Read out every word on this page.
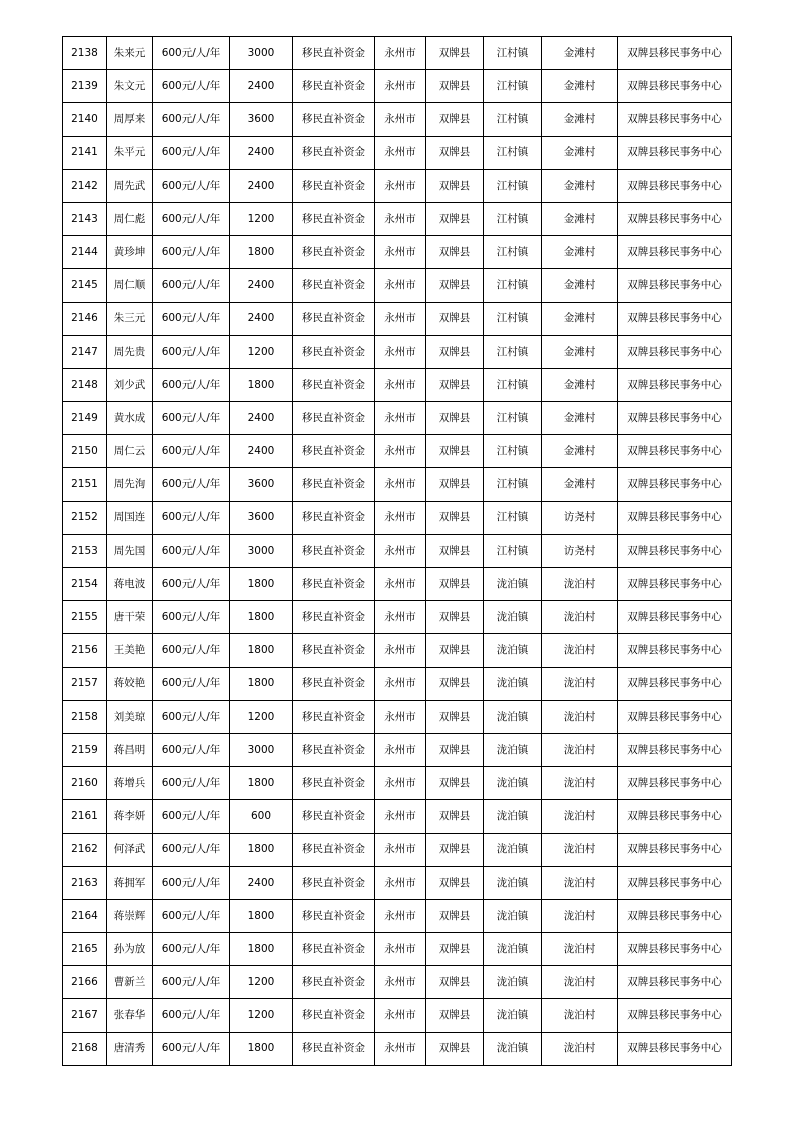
2138	朱来元	600元/人/年	3000	移民直补资金	永州市	双牌县	江村镇	金滩村	双牌县移民事务中心
2139	朱文元	600元/人/年	2400	移民直补资金	永州市	双牌县	江村镇	金滩村	双牌县移民事务中心
2140	周厚来	600元/人/年	3600	移民直补资金	永州市	双牌县	江村镇	金滩村	双牌县移民事务中心
2141	朱平元	600元/人/年	2400	移民直补资金	永州市	双牌县	江村镇	金滩村	双牌县移民事务中心
2142	周先武	600元/人/年	2400	移民直补资金	永州市	双牌县	江村镇	金滩村	双牌县移民事务中心
2143	周仁彪	600元/人/年	1200	移民直补资金	永州市	双牌县	江村镇	金滩村	双牌县移民事务中心
2144	黄珍坤	600元/人/年	1800	移民直补资金	永州市	双牌县	江村镇	金滩村	双牌县移民事务中心
2145	周仁顺	600元/人/年	2400	移民直补资金	永州市	双牌县	江村镇	金滩村	双牌县移民事务中心
2146	朱三元	600元/人/年	2400	移民直补资金	永州市	双牌县	江村镇	金滩村	双牌县移民事务中心
2147	周先贵	600元/人/年	1200	移民直补资金	永州市	双牌县	江村镇	金滩村	双牌县移民事务中心
2148	刘少武	600元/人/年	1800	移民直补资金	永州市	双牌县	江村镇	金滩村	双牌县移民事务中心
2149	黄水成	600元/人/年	2400	移民直补资金	永州市	双牌县	江村镇	金滩村	双牌县移民事务中心
2150	周仁云	600元/人/年	2400	移民直补资金	永州市	双牌县	江村镇	金滩村	双牌县移民事务中心
2151	周先洵	600元/人/年	3600	移民直补资金	永州市	双牌县	江村镇	金滩村	双牌县移民事务中心
2152	周国连	600元/人/年	3600	移民直补资金	永州市	双牌县	江村镇	访尧村	双牌县移民事务中心
2153	周先国	600元/人/年	3000	移民直补资金	永州市	双牌县	江村镇	访尧村	双牌县移民事务中心
2154	蒋电波	600元/人/年	1800	移民直补资金	永州市	双牌县	泷泊镇	泷泊村	双牌县移民事务中心
2155	唐干荣	600元/人/年	1800	移民直补资金	永州市	双牌县	泷泊镇	泷泊村	双牌县移民事务中心
2156	王美艳	600元/人/年	1800	移民直补资金	永州市	双牌县	泷泊镇	泷泊村	双牌县移民事务中心
2157	蒋姣艳	600元/人/年	1800	移民直补资金	永州市	双牌县	泷泊镇	泷泊村	双牌县移民事务中心
2158	刘美琼	600元/人/年	1200	移民直补资金	永州市	双牌县	泷泊镇	泷泊村	双牌县移民事务中心
2159	蒋昌明	600元/人/年	3000	移民直补资金	永州市	双牌县	泷泊镇	泷泊村	双牌县移民事务中心
2160	蒋增兵	600元/人/年	1800	移民直补资金	永州市	双牌县	泷泊镇	泷泊村	双牌县移民事务中心
2161	蒋李妍	600元/人/年	600	移民直补资金	永州市	双牌县	泷泊镇	泷泊村	双牌县移民事务中心
2162	何泽武	600元/人/年	1800	移民直补资金	永州市	双牌县	泷泊镇	泷泊村	双牌县移民事务中心
2163	蒋拥军	600元/人/年	2400	移民直补资金	永州市	双牌县	泷泊镇	泷泊村	双牌县移民事务中心
2164	蒋崇辉	600元/人/年	1800	移民直补资金	永州市	双牌县	泷泊镇	泷泊村	双牌县移民事务中心
2165	孙为放	600元/人/年	1800	移民直补资金	永州市	双牌县	泷泊镇	泷泊村	双牌县移民事务中心
2166	曹新兰	600元/人/年	1200	移民直补资金	永州市	双牌县	泷泊镇	泷泊村	双牌县移民事务中心
2167	张春华	600元/人/年	1200	移民直补资金	永州市	双牌县	泷泊镇	泷泊村	双牌县移民事务中心
2168	唐清秀	600元/人/年	1800	移民直补资金	永州市	双牌县	泷泊镇	泷泊村	双牌县移民事务中心
